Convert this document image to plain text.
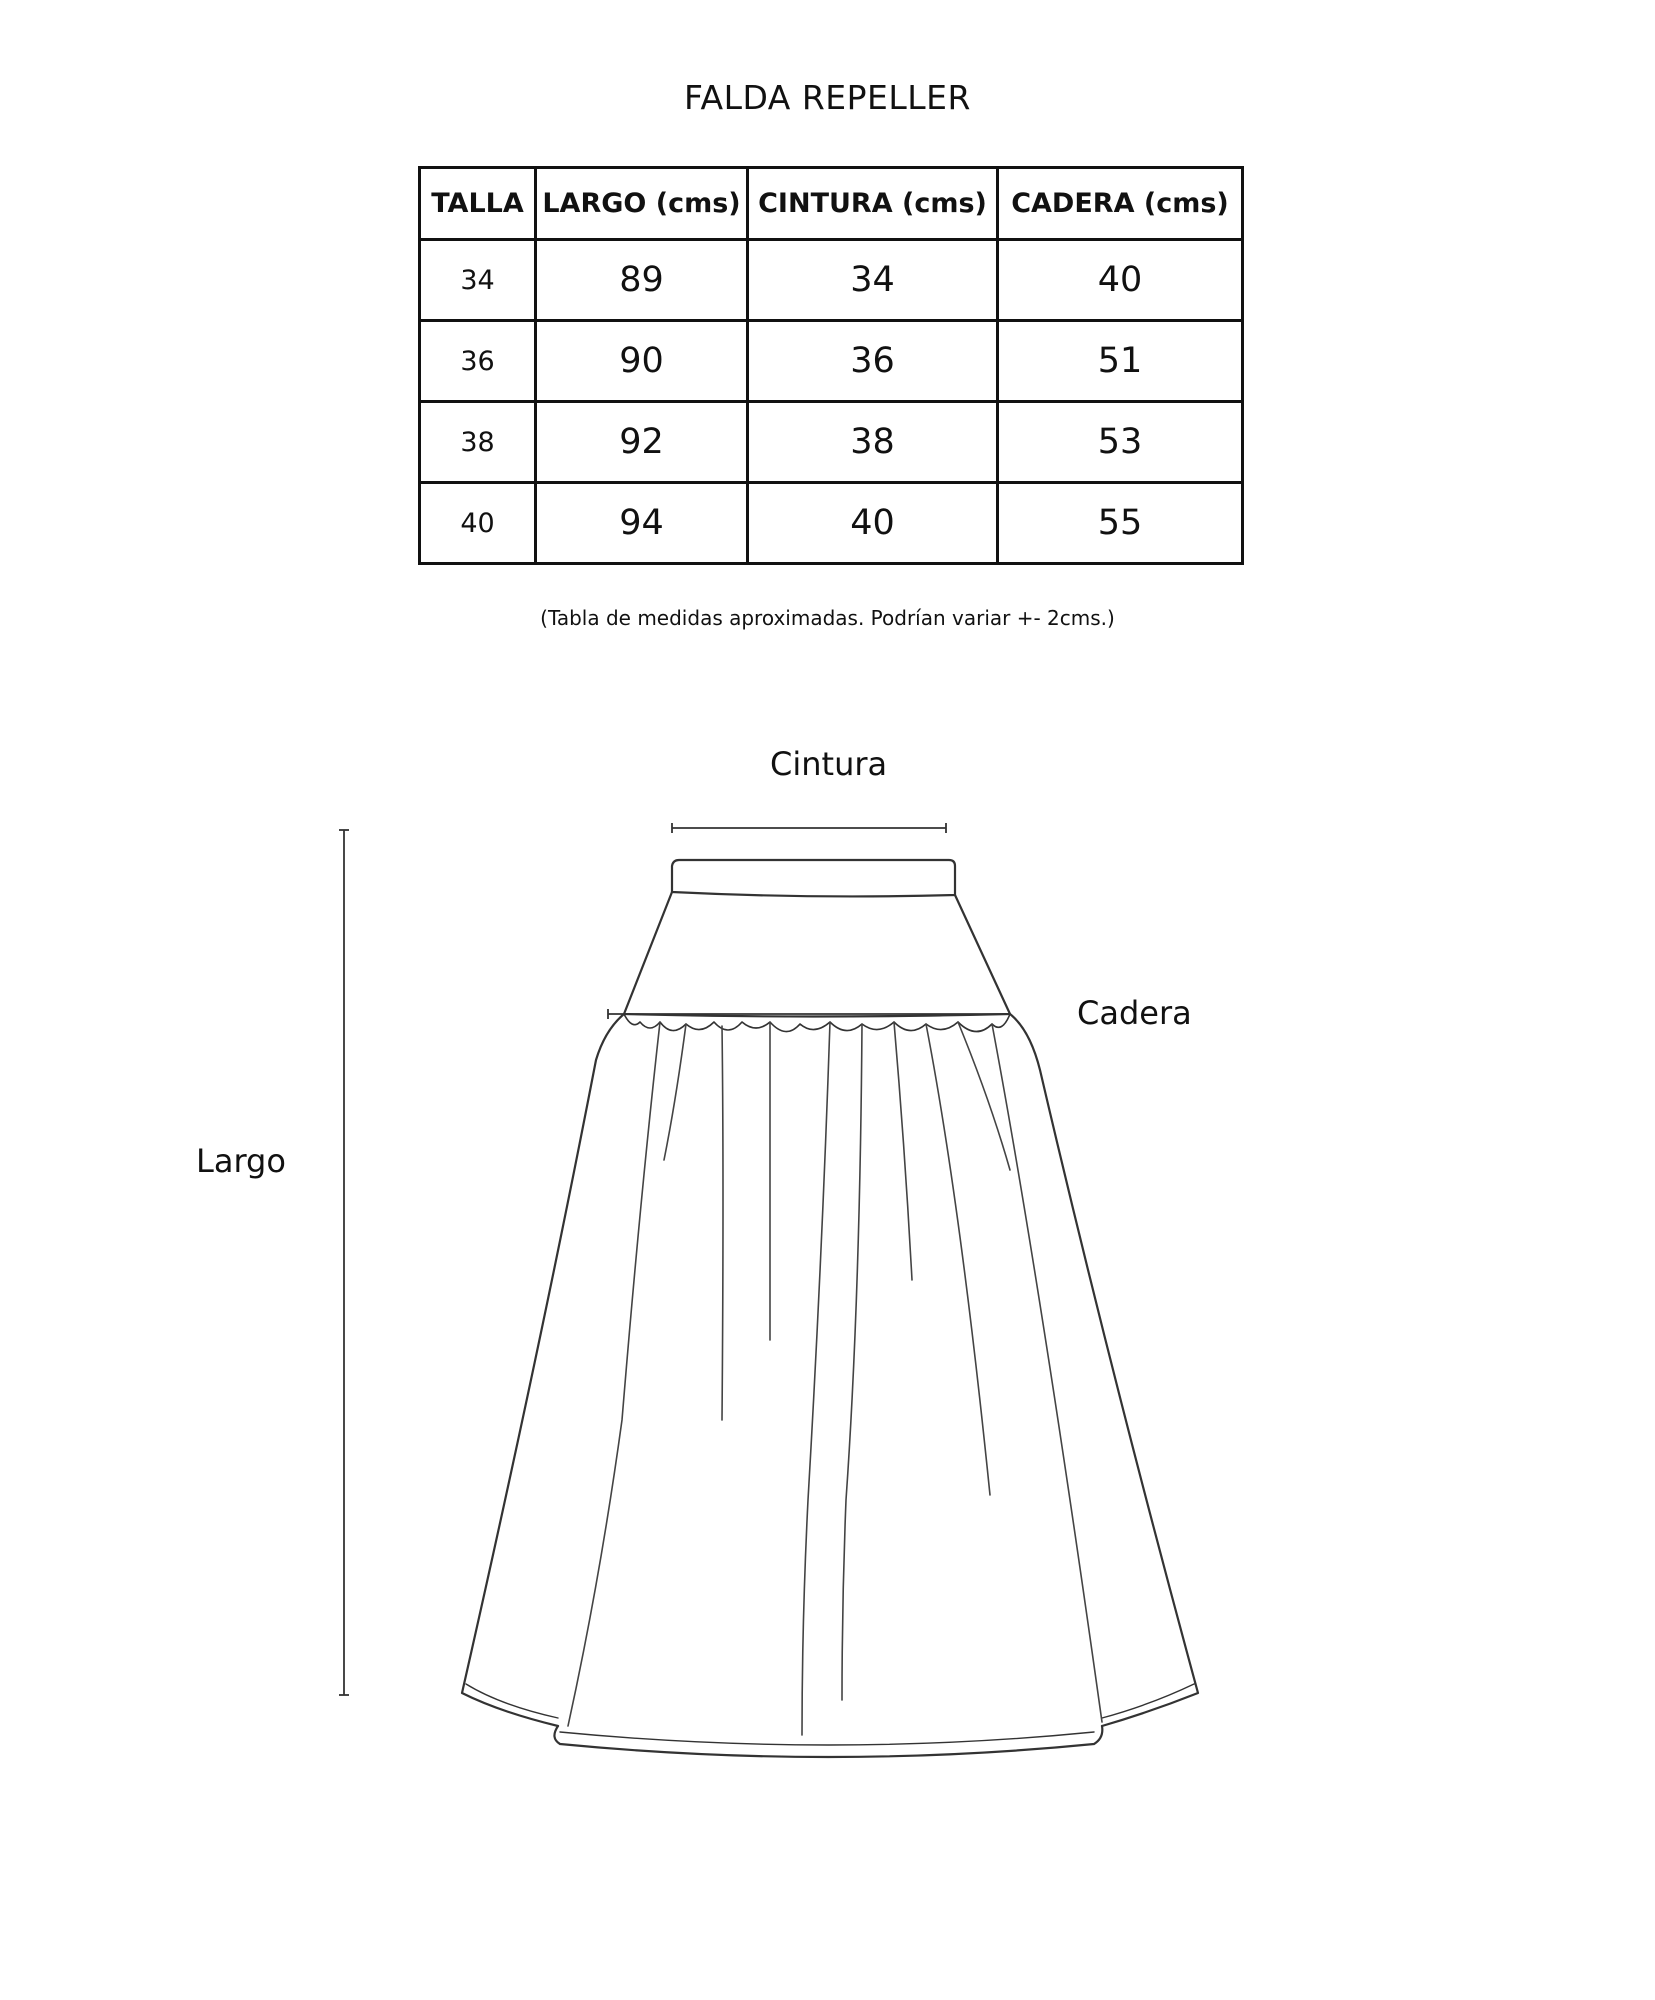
FALDA REPELLER
TALLA	LARGO (cms)	CINTURA (cms)	CADERA (cms)
34	89	34	40
36	90	36	51
38	92	38	53
40	94	40	55
(Tabla de medidas aproximadas. Podrían variar +- 2cms.)
Cintura
Cadera
Largo
